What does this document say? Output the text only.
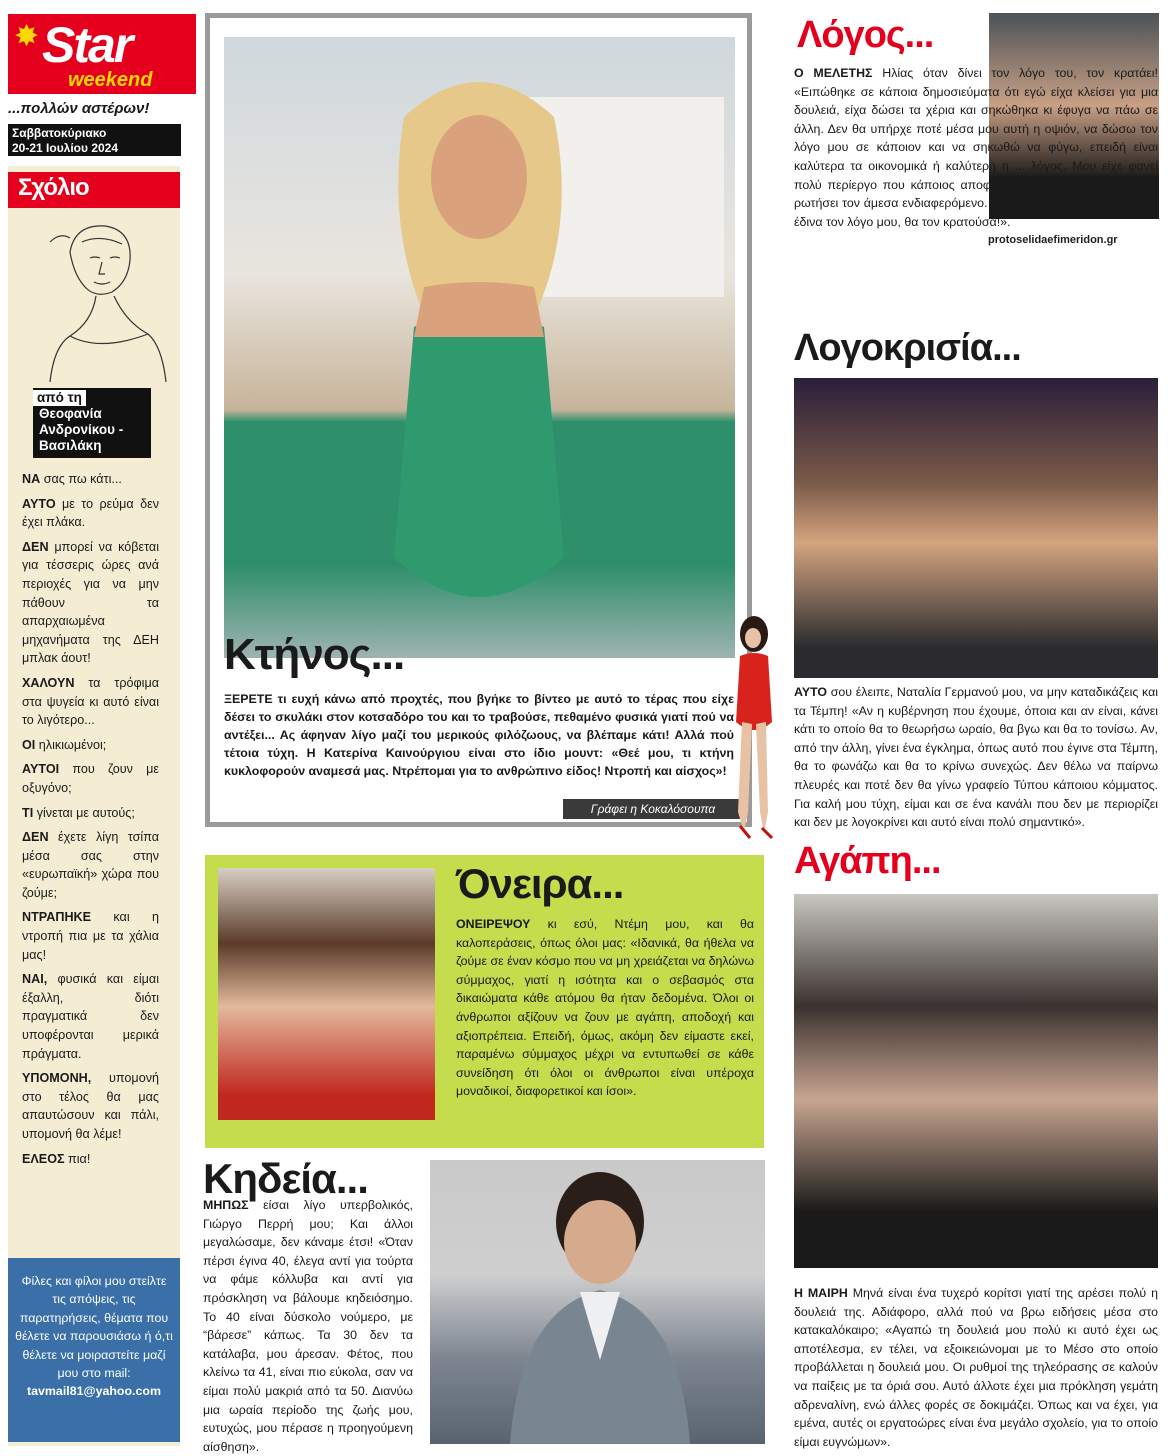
✸ Star
weekend
...πολλών αστέρων!
Σαββατοκύριακο
20-21 Ιουλίου 2024
Σχόλιο
από τη
Θεοφανία Ανδρονίκου - Βασιλάκη

ΝΑ σας πω κάτι...

ΑΥΤΟ με το ρεύμα δεν έχει πλάκα.

ΔΕΝ μπορεί να κόβεται για τέσσερις ώρες ανά περιοχές για να μην πάθουν τα απαρχαιωμένα μηχανήματα της ΔΕΗ μπλακ άουτ!

ΧΑΛΟΥΝ τα τρόφιμα στα ψυγεία κι αυτό είναι το λιγότερο...

ΟΙ ηλικιωμένοι;

ΑΥΤΟΙ που ζουν με οξυγόνο;

ΤΙ γίνεται με αυτούς;

ΔΕΝ έχετε λίγη τσίπα μέσα σας στην «ευρωπαϊκή» χώρα που ζούμε;

ΝΤΡΑΠΗΚΕ και η ντροπή πια με τα χάλια μας!

ΝΑΙ, φυσικά και είμαι έξαλλη, διότι πραγματικά δεν υποφέρονται μερικά πράγματα.

ΥΠΟΜΟΝΗ, υπομονή στο τέλος θα μας απαυτώσουν και πάλι, υπομονή θα λέμε!

ΕΛΕΟΣ πια!

Φίλες και φίλοι μου στείλτε τις απόψεις, τις παρατηρήσεις, θέματα που θέλετε να παρουσιάσω ή ό,τι θέλετε να μοιραστείτε μαζί μου στο mail:
tavmail81@yahoo.com
Κτήνος...

ΞΕΡΕΤΕ τι ευχή κάνω από προχτές, που βγήκε το βίντεο με αυτό το τέρας που είχε δέσει το σκυλάκι στον κοτσαδόρο του και το τραβούσε, πεθαμένο φυσικά γιατί πού να αντέξει... Ας άφηναν λίγο μαζί του μερικούς φιλόζωους, να βλέπαμε κάτι! Αλλά πού τέτοια τύχη. Η Κατερίνα Καινούργιου είναι στο ίδιο μουντ: «Θεέ μου, τι κτήνη κυκλοφορούν αναμεσά μας. Ντρέπομαι για το ανθρώπινο είδος! Ντροπή και αίσχος»!

Γράφει η Κοκαλόσουπα
Όνειρα...

ΟΝΕΙΡΕΨΟΥ κι εσύ, Ντέμη μου, και θα καλοπεράσεις, όπως όλοι μας: «Ιδανικά, θα ήθελα να ζούμε σε έναν κόσμο που να μη χρειάζεται να δηλώνω σύμμαχος, γιατί η ισότητα και ο σεβασμός στα δικαιώματα κάθε ατόμου θα ήταν δεδομένα. Όλοι οι άνθρωποι αξίζουν να ζουν με αγάπη, αποδοχή και αξιοπρέπεια. Επειδή, όμως, ακόμη δεν είμαστε εκεί, παραμένω σύμμαχος μέχρι να εντυπωθεί σε κάθε συνείδηση ότι όλοι οι άνθρωποι είναι υπέροχα μοναδικοί, διαφορετικοί και ίσοι».

Κηδεία...

ΜΗΠΩΣ είσαι λίγο υπερβολικός, Γιώργο Περρή μου; Και άλλοι μεγαλώσαμε, δεν κάναμε έτσι! «Όταν πέρσι έγινα 40, έλεγα αντί για τούρτα να φάμε κόλλυβα και αντί για πρόσκληση να βάλουμε κηδειόσημο. Το 40 είναι δύσκολο νούμερο, με “βάρεσε” κάπως. Τα 30 δεν τα κατάλαβα, μου άρεσαν. Φέτος, που κλείνω τα 41, είναι πιο εύκολα, σαν να είμαι πολύ μακριά από τα 50. Διανύω μια ωραία περίοδο της ζωής μου, ευτυχώς, μου πέρασε η προηγούμενη αίσθηση».

Λόγος...

Ο ΜΕΛΕΤΗΣ Ηλίας όταν δίνει τον λόγο του, τον κρατάει! «Ειπώθηκε σε κάποια δημοσιεύματα ότι εγώ είχα κλείσει για μια δουλειά, είχα δώσει τα χέρια και σηκώθηκα κι έφυγα να πάω σε άλλη. Δεν θα υπήρχε ποτέ μέσα μου αυτή η οψιόν, να δώσω τον λόγο μου σε κάποιον και να σηκωθώ να φύγω, επειδή είναι καλύτερα τα οικονομικά ή καλύτερη η ... λόγος. Μου είχε φανεί πολύ περίεργο που κάποιος αποφάσισε να το γράψει χωρίς να ρωτήσει τον άμεσα ενδιαφερόμενο. Φυσικά και δεν ισχύει, γιατί αν έδινα τον λόγο μου, θα τον κρατούσα!».

protoselidaefimeridon.gr
Λογοκρισία...

ΑΥΤΟ σου έλειπε, Ναταλία Γερμανού μου, να μην καταδικάζεις και τα Τέμπη! «Αν η κυβέρνηση που έχουμε, όποια και αν είναι, κάνει κάτι το οποίο θα το θεωρήσω ωραίο, θα βγω και θα το τονίσω. Αν, από την άλλη, γίνει ένα έγκλημα, όπως αυτό που έγινε στα Τέμπη, θα το φωνάζω και θα το κρίνω συνεχώς. Δεν θέλω να παίρνω πλευρές και ποτέ δεν θα γίνω γραφείο Τύπου κάποιου κόμματος. Για καλή μου τύχη, είμαι και σε ένα κανάλι που δεν με περιορίζει και δεν με λογοκρίνει και αυτό είναι πολύ σημαντικό».

Αγάπη...

Η ΜΑΙΡΗ Μηνά είναι ένα τυχερό κορίτσι γιατί της αρέσει πολύ η δουλειά της. Αδιάφορο, αλλά πού να βρω ειδήσεις μέσα στο κατακαλόκαιρο; «Αγαπώ τη δουλειά μου πολύ κι αυτό έχει ως αποτέλεσμα, εν τέλει, να εξοικειώνομαι με το Μέσο στο οποίο προβάλλεται η δουλειά μου. Οι ρυθμοί της τηλεόρασης σε καλούν να παίξεις με τα όριά σου. Αυτό άλλοτε έχει μια πρόκληση γεμάτη αδρεναλίνη, ενώ άλλες φορές σε δοκιμάζει. Όπως και να έχει, για εμένα, αυτές οι εργατοώρες είναι ένα μεγάλο σχολείο, για το οποίο είμαι ευγνώμων».
